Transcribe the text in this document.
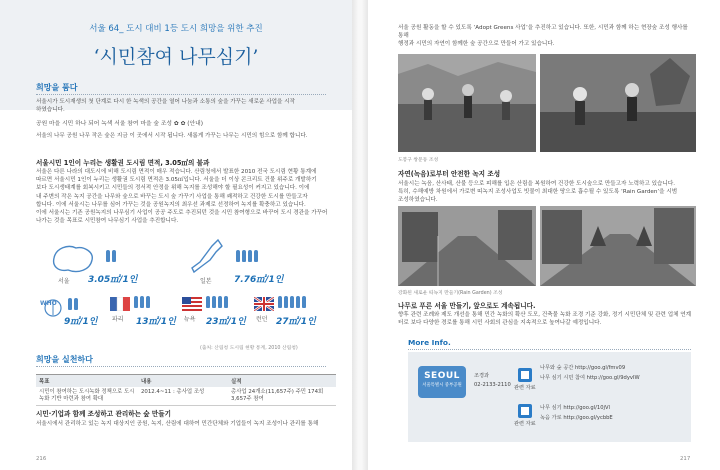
서울 64_ 도시 대비 1등 도시 희망을 위한 추진
‘시민참여 나무심기’
희망을 품다
서울시가 도시재생의 첫 단계로 다시 한 녹색의 공간을 열어 나눔과 소통의 숲을 가꾸는 새로운 사업을 시작
하였습니다.
공원 마을 시민 하나 되어 녹색 서울 참여 마을 숲 조성 ✿ ✿ (안내)
서울의 나무 공원 나무 작은 숲은 지금 이 곳에서 시작 됩니다. 새롭게 가꾸는 나무는 시민의 힘으로 함께 합니다.
서울시민 1인이 누리는 생활권 도시림 면적, 3.05㎡의 불과
서울은 다른 나라의 대도시에 비해 도시림 면적이 매우 적습니다. 산림청에서 발표한 2010 전국 도시림 현황 통계에
따르면 서울시민 1인이 누리는 생활권 도시림 면적은 3.05㎡입니다. 서울을 더 이상 콘크리트 건물 위주로 개발하기
보다 도시생태계를 회복시키고 시민들의 정서적 안정을 위해 녹지를 조성해야 할 필요성이 커지고 있습니다. 이에
내 주변의 작은 녹지 공간을 나무와 숲으로 바꾸는 도시 숲 가꾸기 사업을 통해 쾌적하고 건강한 도시를 만들고자
합니다. 이에 서울시는 나무를 심어 가꾸는 것을 공원녹지의 최우선 과제로 선정하여 녹지를 확충하고 있습니다.
이에 서울시는 기존 공원녹지의 나무심기 사업이 공공 주도로 추진되던 것을 시민 참여형으로 바꾸어 도시 경관을 가꾸어
나가는 것을 목표로 시민참여 나무심기 사업을 추진합니다.
서울 3.05㎡/1인	일본 7.76㎡/1인
WHO
9㎡/1인 파리 13㎡/1인 뉴욕 23㎡/1인 런던 27㎡/1인
(출처: 산림청 도시림 현황 통계, 2010 산림청)
희망을 실천하다
목표	내용	실적
시민이 참여하는 도시녹화 정책으로 도시녹화 기반 마련과 참여 확대	2012.4~11 : 총사업 조성	총사업 24개소(11,657주) 주민 174회 3,657주 참여
시민·기업과 함께 조성하고 관리하는 숲 만들기
서울시에서 관리하고 있는 녹지 대상지인 공원, 녹지, 산림에 대하여 민간단체와 기업들이 녹지 조성이나 관리를 통해
216
서울 공원 활동을 할 수 있도록 ‘Adopt Greens 사업’을 추진하고 있습니다. 또한, 시민과 함께 하는 현장숲 조성 행사를 통해
행정과 시민의 자연이 함께한 숲 공간으로 만들어 가고 있습니다.
도봉구 쌍문동 조성
자연(녹음)로부터 안전한 녹지 조성
서울시는 녹음, 산사태, 산불 등으로 피해를 입은 산림을 복원하여 건강한 도시숲으로 만들고자 노력하고 있습니다.
특히, 수해예방 차원에서 가로변 띠녹지 조성사업도 빗물이 최대한 땅으로 흡수될 수 있도록 ‘Rain Garden’을 시범
조성하였습니다.
강화된 새로운 띠녹지 만들기(Rain Garden) 조성
나무로 푸른 서울 만들기, 앞으로도 계속됩니다.
향후 관련 조례와 제도 개선을 통해 민간 녹화의 확산 도모, 건축물 녹화 조경 기준 강화, 정기 시민단체 및 관련 업체 연계
터로 보다 다양한 경로를 통해 시민 사회의 관심을 지속적으로 높여나갈 예정입니다.
More Info.
217
SEOUL
서울특별시 중부공원
조경과
02-2133-2110 관련 자료
나무와 숲 공간 http://goo.gl/fmv09
나무 심기 시민 참여 http://goo.gl/9dyvIW
관련 자료
나무 심기 http://goo.gl/10jVl
녹음 가로 http://goo.gl/ycbbE
